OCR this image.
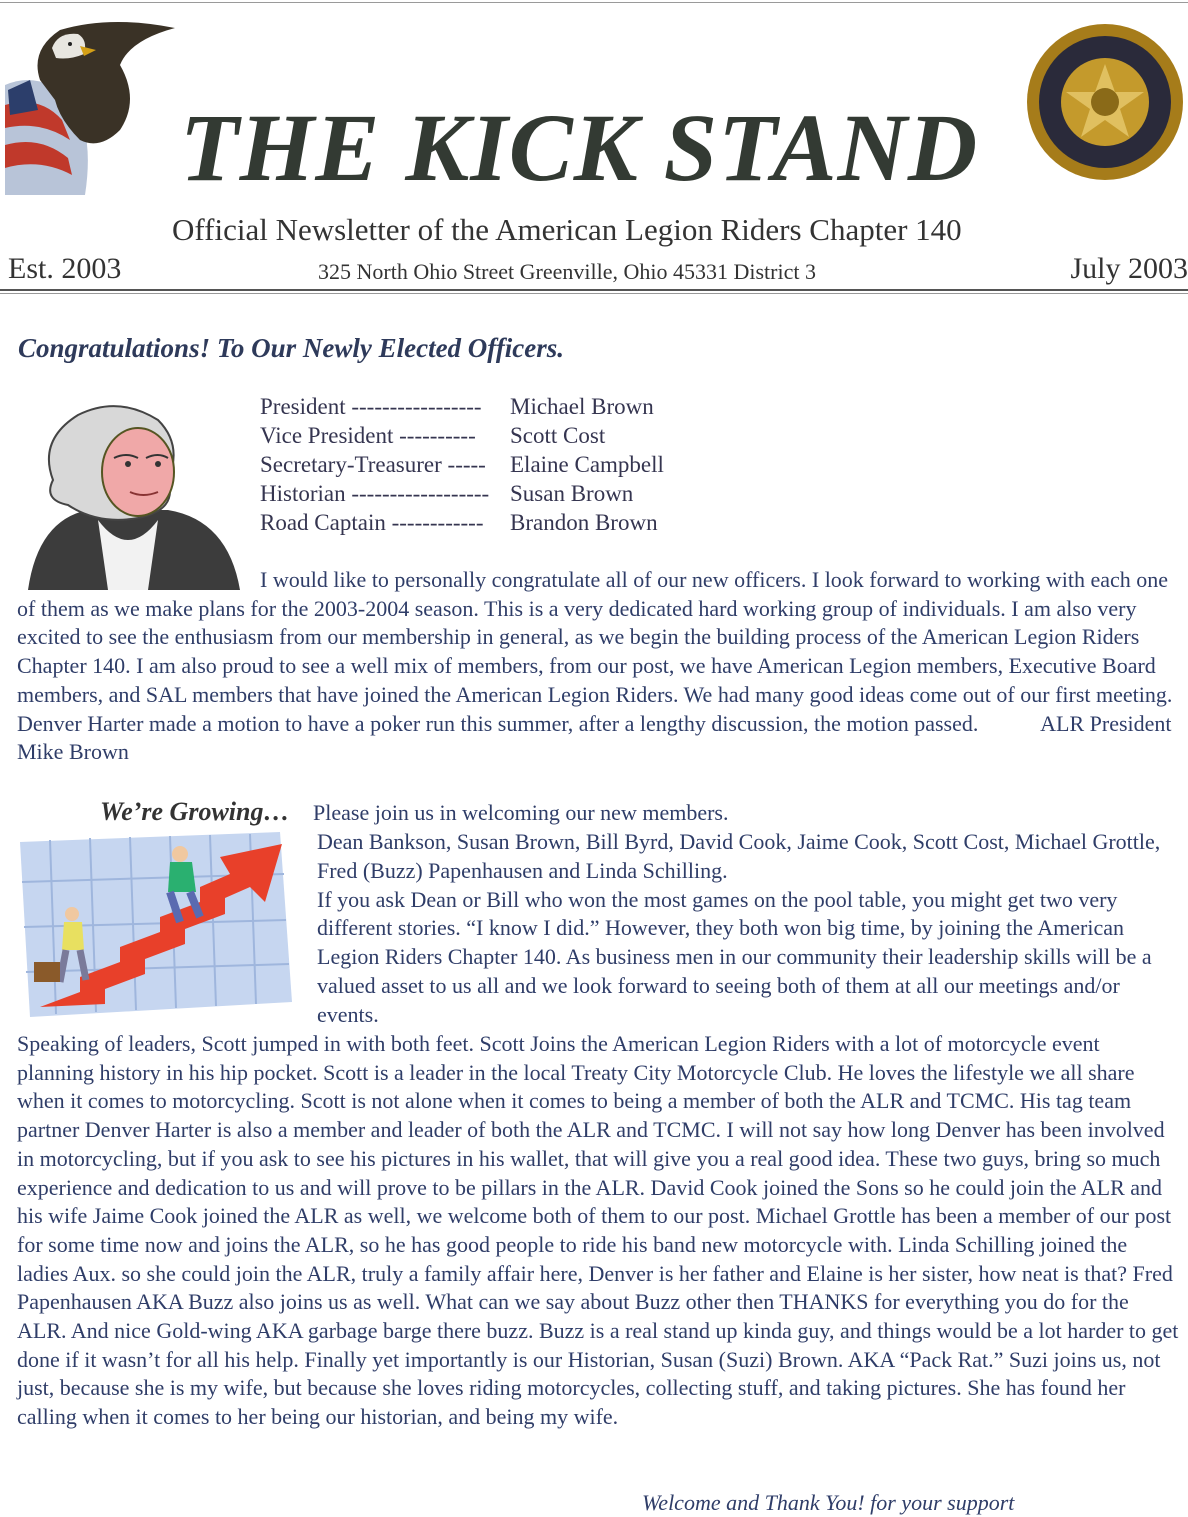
THE KICK STAND
Official Newsletter of the American Legion Riders Chapter 140
Est. 2003	325 North Ohio Street Greenville, Ohio 45331 District 3	July 2003
Congratulations! To Our Newly Elected Officers.
President -----------------	Michael Brown
Vice President ----------	Scott Cost
Secretary-Treasurer -----	Elaine Campbell
Historian ------------------ Susan Brown
Road Captain ------------	Brandon Brown
I would like to personally congratulate all of our new officers. I look forward to working with each one of them as we make plans for the 2003-2004 season. This is a very dedicated hard working group of individuals. I am also very excited to see the enthusiasm from our membership in general, as we begin the building process of the American Legion Riders Chapter 140. I am also proud to see a well mix of members, from our post, we have American Legion members, Executive Board members, and SAL members that have joined the American Legion Riders. We had many good ideas come out of our first meeting. Denver Harter made a motion to have a poker run this summer, after a lengthy discussion, the motion passed.	ALR President Mike Brown
We’re Growing… Please join us in welcoming our new members.
Dean Bankson, Susan Brown, Bill Byrd, David Cook, Jaime Cook, Scott Cost, Michael Grottle, Fred (Buzz) Papenhausen and Linda Schilling.
If you ask Dean or Bill who won the most games on the pool table, you might get two very different stories. “I know I did.” However, they both won big time, by joining the American Legion Riders Chapter 140. As business men in our community their leadership skills will be a valued asset to us all and we look forward to seeing both of them at all our meetings and/or events.
Speaking of leaders, Scott jumped in with both feet. Scott Joins the American Legion Riders with a lot of motorcycle event planning history in his hip pocket. Scott is a leader in the local Treaty City Motorcycle Club. He loves the lifestyle we all share when it comes to motorcycling. Scott is not alone when it comes to being a member of both the ALR and TCMC. His tag team partner Denver Harter is also a member and leader of both the ALR and TCMC. I will not say how long Denver has been involved in motorcycling, but if you ask to see his pictures in his wallet, that will give you a real good idea. These two guys, bring so much experience and dedication to us and will prove to be pillars in the ALR. David Cook joined the Sons so he could join the ALR and his wife Jaime Cook joined the ALR as well, we welcome both of them to our post. Michael Grottle has been a member of our post for some time now and joins the ALR, so he has good people to ride his band new motorcycle with. Linda Schilling joined the ladies Aux. so she could join the ALR, truly a family affair here, Denver is her father and Elaine is her sister, how neat is that? Fred Papenhausen AKA Buzz also joins us as well. What can we say about Buzz other then THANKS for everything you do for the ALR. And nice Gold-wing AKA garbage barge there buzz. Buzz is a real stand up kinda guy, and things would be a lot harder to get done if it wasn’t for all his help. Finally yet importantly is our Historian, Susan (Suzi) Brown. AKA “Pack Rat.” Suzi joins us, not just, because she is my wife, but because she loves riding motorcycles, collecting stuff, and taking pictures. She has found her calling when it comes to her being our historian, and being my wife.
Welcome and Thank You! for your support
